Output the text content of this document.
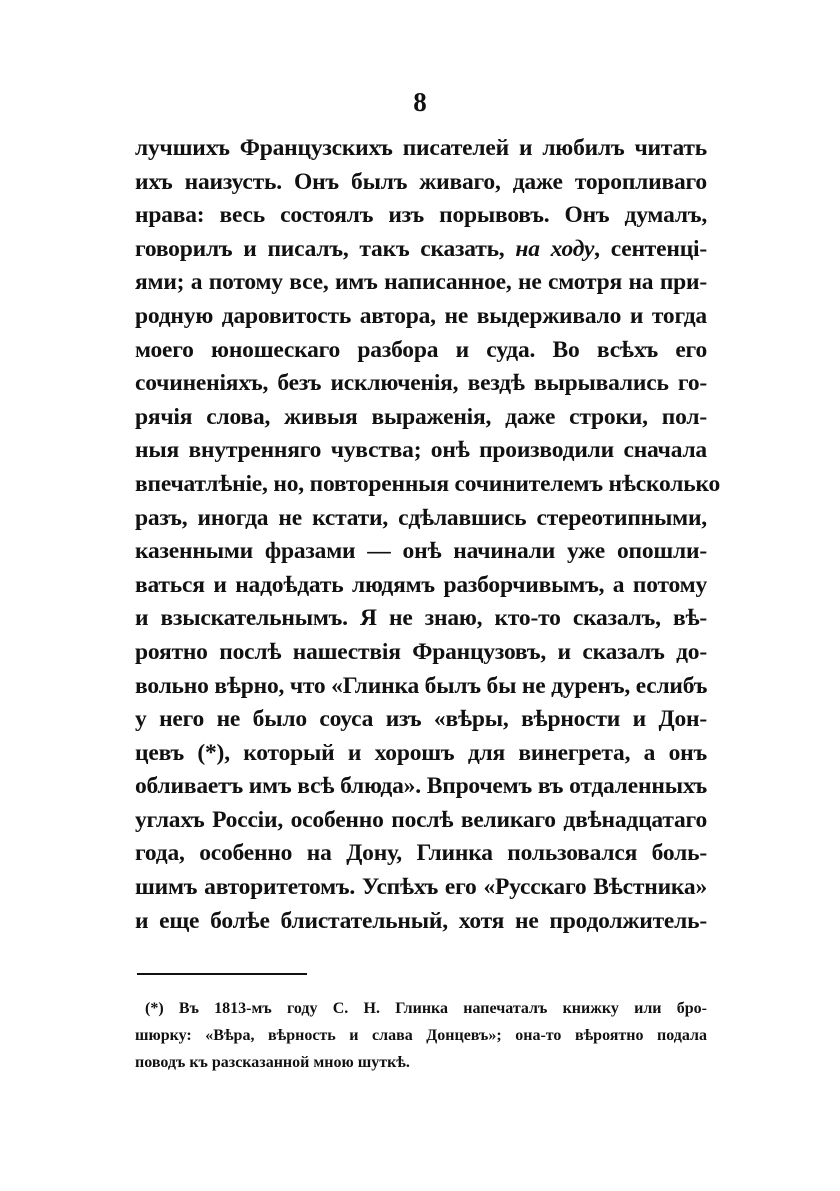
8
лучшихъ Французскихъ писателей и любилъ читать
ихъ наизусть. Онъ былъ живаго, даже торопливаго
нрава: весь состоялъ изъ порывовъ. Онъ думалъ,
говорилъ и писалъ, такъ сказать, на ходу, сентенці-
ями; а потому все, имъ написанное, не смотря на при-
родную даровитость автора, не выдерживало и тогда
моего юношескаго разбора и суда. Во всѣхъ его
сочиненіяхъ, безъ исключенія, вездѣ вырывались го-
рячія слова, живыя выраженія, даже строки, пол-
ныя внутренняго чувства; онѣ производили сначала
впечатлѣніе, но, повторенныя сочинителемъ нѣсколько
разъ, иногда не кстати, сдѣлавшись стереотипными,
казенными фразами — онѣ начинали уже опошли-
ваться и надоѣдать людямъ разборчивымъ, а потому
и взыскательнымъ. Я не знаю, кто-то сказалъ, вѣ-
роятно послѣ нашествія Французовъ, и сказалъ до-
вольно вѣрно, что «Глинка былъ бы не дуренъ, еслибъ
у него не было соуса изъ «вѣры, вѣрности и Дон-
цевъ (*), который и хорошъ для винегрета, а онъ
обливаетъ имъ всѣ блюда». Впрочемъ въ отдаленныхъ
углахъ Россіи, особенно послѣ великаго двѣнадцатаго
года, особенно на Дону, Глинка пользовался боль-
шимъ авторитетомъ. Успѣхъ его «Русскаго Вѣстника»
и еще болѣе блистательный, хотя не продолжитель-
(*) Въ 1813-мъ году С. Н. Глинка напечаталъ книжку или бро-
шюрку: «Вѣра, вѣрность и слава Донцевъ»; она-то вѣроятно подала
поводъ къ разсказанной мною шуткѣ.
